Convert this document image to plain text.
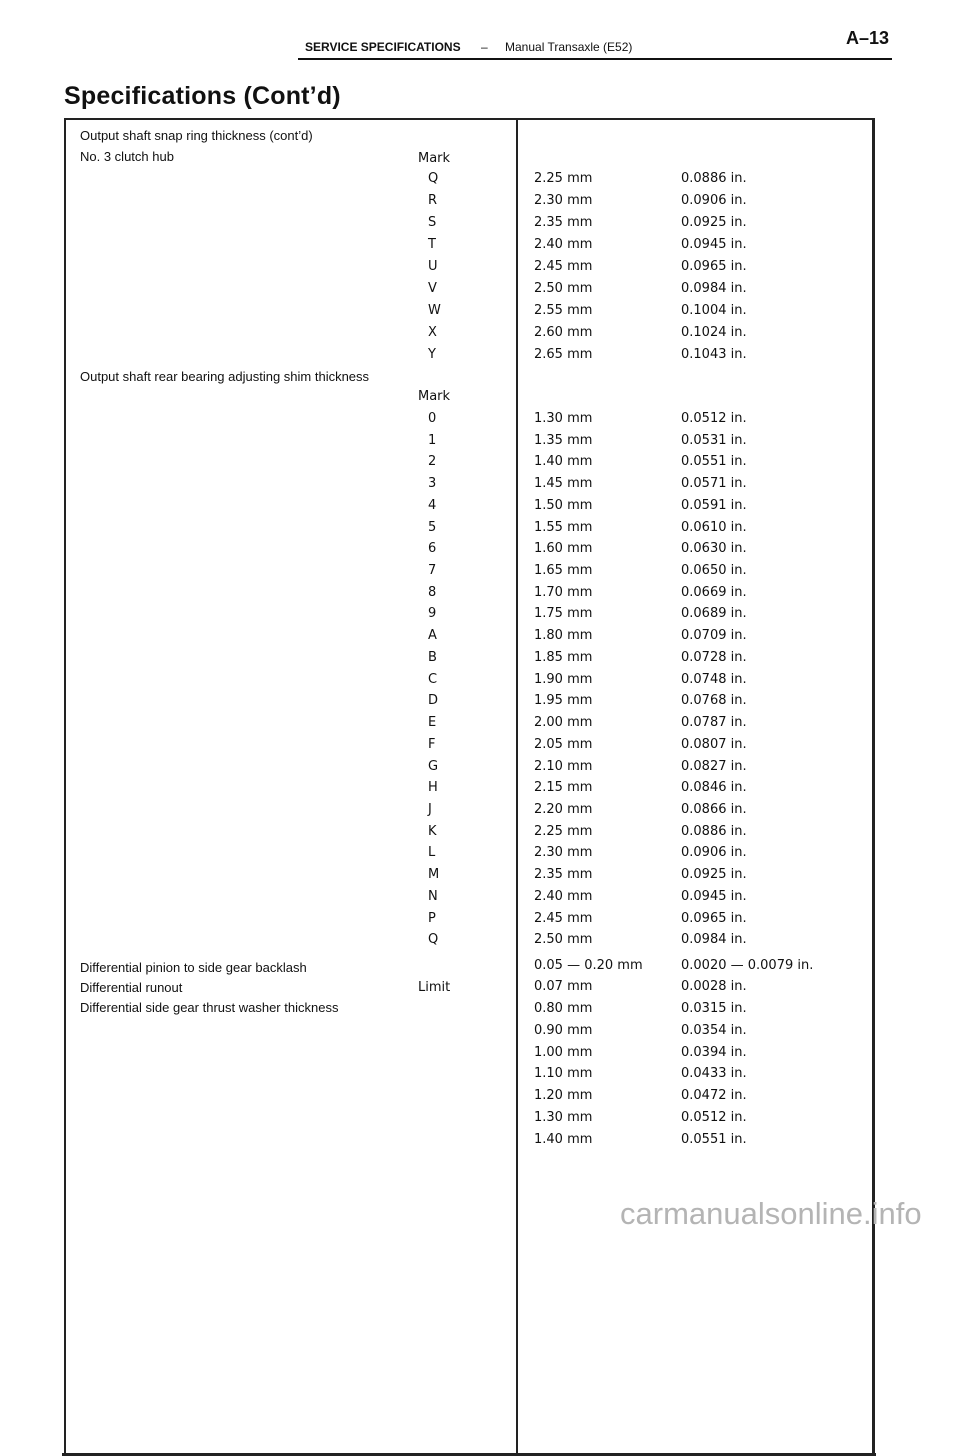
SERVICE SPECIFICATIONS – Manual Transaxle (E52)	A–13
Specifications (Cont’d)
Output shaft snap ring thickness (cont’d)
No. 3 clutch hub	Mark
Q	2.25 mm	0.0886 in.
R	2.30 mm	0.0906 in.
S	2.35 mm	0.0925 in.
T	2.40 mm	0.0945 in.
U	2.45 mm	0.0965 in.
V	2.50 mm	0.0984 in.
W	2.55 mm	0.1004 in.
X	2.60 mm	0.1024 in.
Y	2.65 mm	0.1043 in.
Output shaft rear bearing adjusting shim thickness
Mark
0	1.30 mm	0.0512 in.
1	1.35 mm	0.0531 in.
2	1.40 mm	0.0551 in.
3	1.45 mm	0.0571 in.
4	1.50 mm	0.0591 in.
5	1.55 mm	0.0610 in.
6	1.60 mm	0.0630 in.
7	1.65 mm	0.0650 in.
8	1.70 mm	0.0669 in.
9	1.75 mm	0.0689 in.
A	1.80 mm	0.0709 in.
B	1.85 mm	0.0728 in.
C	1.90 mm	0.0748 in.
D	1.95 mm	0.0768 in.
E	2.00 mm	0.0787 in.
F	2.05 mm	0.0807 in.
G	2.10 mm	0.0827 in.
H	2.15 mm	0.0846 in.
J	2.20 mm	0.0866 in.
K	2.25 mm	0.0886 in.
L	2.30 mm	0.0906 in.
M	2.35 mm	0.0925 in.
N	2.40 mm	0.0945 in.
P	2.45 mm	0.0965 in.
Q	2.50 mm	0.0984 in.
Differential pinion to side gear backlash	0.05 — 0.20 mm	0.0020 — 0.0079 in.
Differential runout	Limit	0.07 mm	0.0028 in.
Differential side gear thrust washer thickness	0.80 mm	0.0315 in.
0.90 mm	0.0354 in.
1.00 mm	0.0394 in.
1.10 mm	0.0433 in.
1.20 mm	0.0472 in.
1.30 mm	0.0512 in.
1.40 mm	0.0551 in.
carmanualsonline.info
